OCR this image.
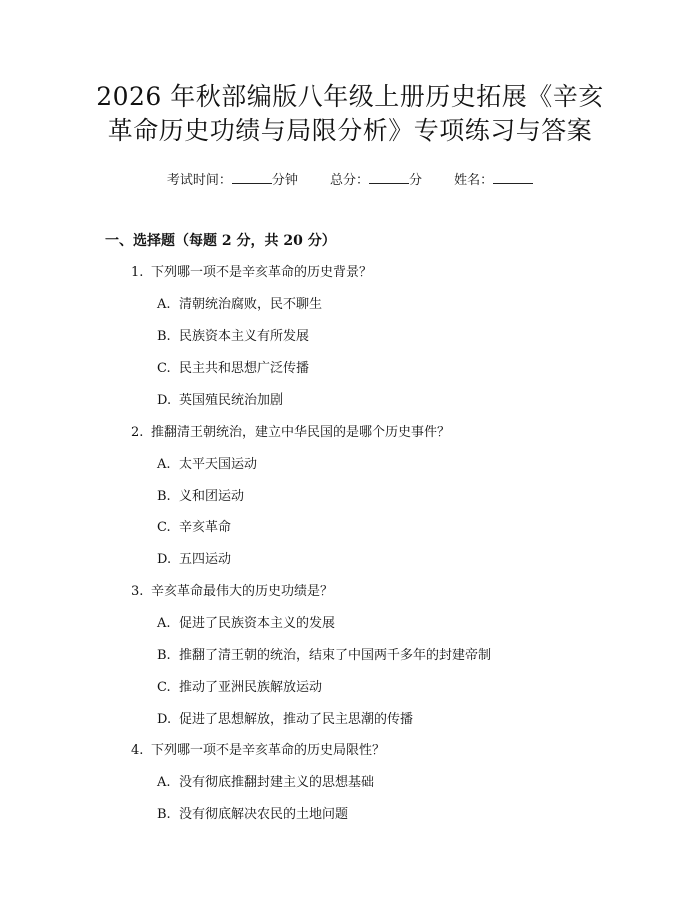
2026 年秋部编版八年级上册历史拓展《辛亥
革命历史功绩与局限分析》专项练习与答案
考试时间：	分钟 总分：	分 姓名：
一、选择题（每题 2 分，共 20 分）
1. 下列哪一项不是辛亥革命的历史背景？
A. 清朝统治腐败，民不聊生
B. 民族资本主义有所发展
C. 民主共和思想广泛传播
D. 英国殖民统治加剧
2. 推翻清王朝统治，建立中华民国的是哪个历史事件？
A. 太平天国运动
B. 义和团运动
C. 辛亥革命
D. 五四运动
3. 辛亥革命最伟大的历史功绩是？
A. 促进了民族资本主义的发展
B. 推翻了清王朝的统治，结束了中国两千多年的封建帝制
C. 推动了亚洲民族解放运动
D. 促进了思想解放，推动了民主思潮的传播
4. 下列哪一项不是辛亥革命的历史局限性？
A. 没有彻底推翻封建主义的思想基础
B. 没有彻底解决农民的土地问题
